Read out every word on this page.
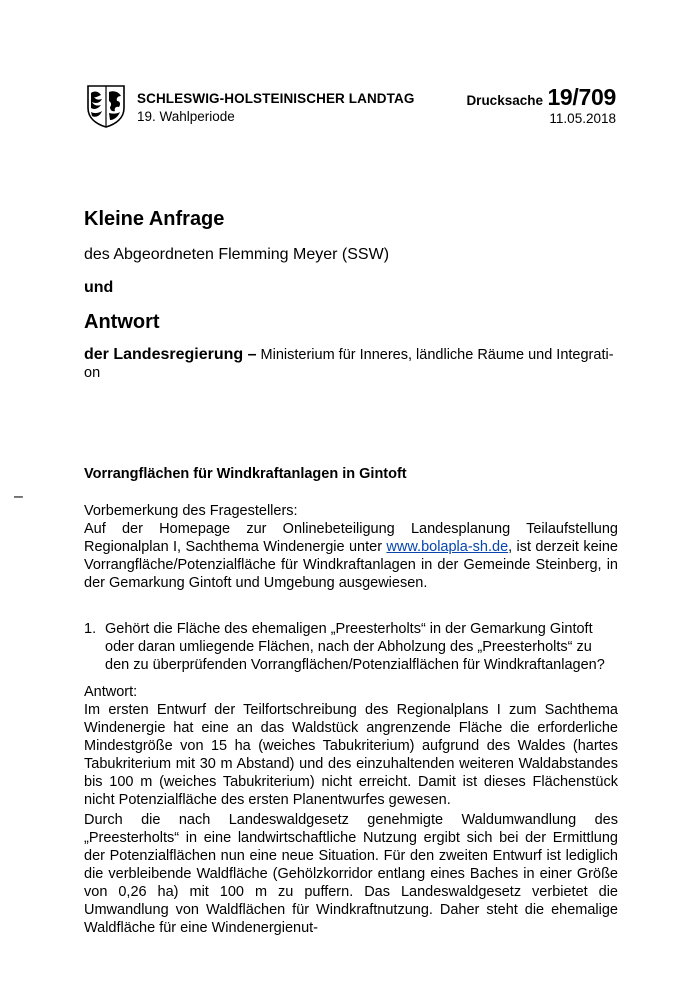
SCHLESWIG-HOLSTEINISCHER LANDTAG
19. Wahlperiode
Drucksache 19/709
11.05.2018
Kleine Anfrage
des Abgeordneten Flemming Meyer (SSW)
und
Antwort
der Landesregierung – Ministerium für Inneres, ländliche Räume und Integrati-on
Vorrangflächen für Windkraftanlagen in Gintoft
–

Vorbemerkung des Fragestellers:

Auf der Homepage zur Onlinebeteiligung Landesplanung Teilaufstellung Regionalplan I, Sachthema Windenergie unter www.bolapla-sh.de, ist derzeit keine Vorrangfläche/Potenzialfläche für Windkraftanlagen in der Gemeinde Steinberg, in der Gemarkung Gintoft und Umgebung ausgewiesen.

1. Gehört die Fläche des ehemaligen „Preesterholts“ in der Gemarkung Gintoft oder daran umliegende Flächen, nach der Abholzung des „Preesterholts“ zu den zu überprüfenden Vorrangflächen/Potenzialflächen für Windkraftanlagen?

Antwort:

Im ersten Entwurf der Teilfortschreibung des Regionalplans I zum Sachthema Windenergie hat eine an das Waldstück angrenzende Fläche die erforderliche Mindestgröße von 15 ha (weiches Tabukriterium) aufgrund des Waldes (hartes Tabukriterium mit 30 m Abstand) und des einzuhaltenden weiteren Waldabstandes bis 100 m (weiches Tabukriterium) nicht erreicht. Damit ist dieses Flächenstück nicht Potenzialfläche des ersten Planentwurfes gewesen.

Durch die nach Landeswaldgesetz genehmigte Waldumwandlung des „Preesterholts“ in eine landwirtschaftliche Nutzung ergibt sich bei der Ermittlung der Potenzialflächen nun eine neue Situation. Für den zweiten Entwurf ist lediglich die verbleibende Waldfläche (Gehölzkorridor entlang eines Baches in einer Größe von 0,26 ha) mit 100 m zu puffern. Das Landeswaldgesetz verbietet die Umwandlung von Waldflächen für Windkraftnutzung. Daher steht die ehemalige Waldfläche für eine Windenergienut-
